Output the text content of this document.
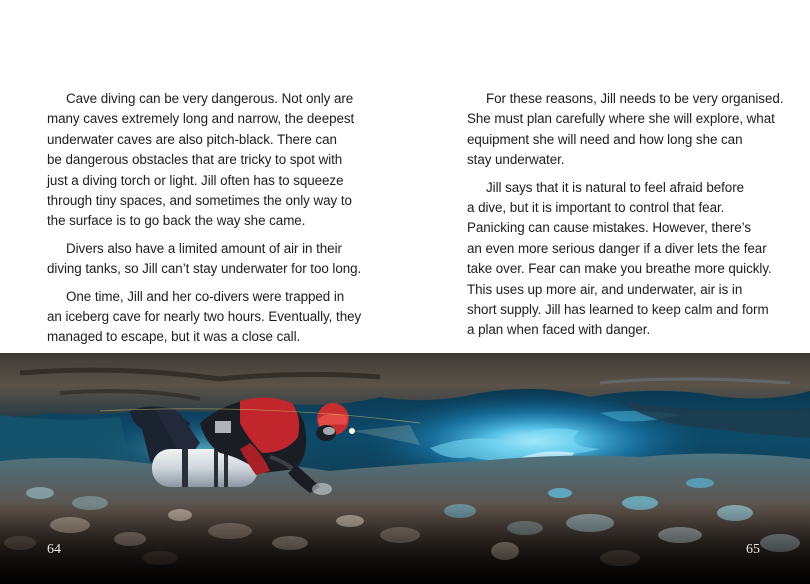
Cave diving can be very dangerous. Not only are
many caves extremely long and narrow, the deepest
underwater caves are also pitch-black. There can
be dangerous obstacles that are tricky to spot with
just a diving torch or light. Jill often has to squeeze
through tiny spaces, and sometimes the only way to
the surface is to go back the way she came.

Divers also have a limited amount of air in their
diving tanks, so Jill can’t stay underwater for too long.

One time, Jill and her co-divers were trapped in
an iceberg cave for nearly two hours. Eventually, they
managed to escape, but it was a close call.

For these reasons, Jill needs to be very organised.
She must plan carefully where she will explore, what
equipment she will need and how long she can
stay underwater.

Jill says that it is natural to feel afraid before
a dive, but it is important to control that fear.
Panicking can cause mistakes. However, there’s
an even more serious danger if a diver lets the fear
take over. Fear can make you breathe more quickly.
This uses up more air, and underwater, air is in
short supply. Jill has learned to keep calm and form
a plan when faced with danger.

64	65
